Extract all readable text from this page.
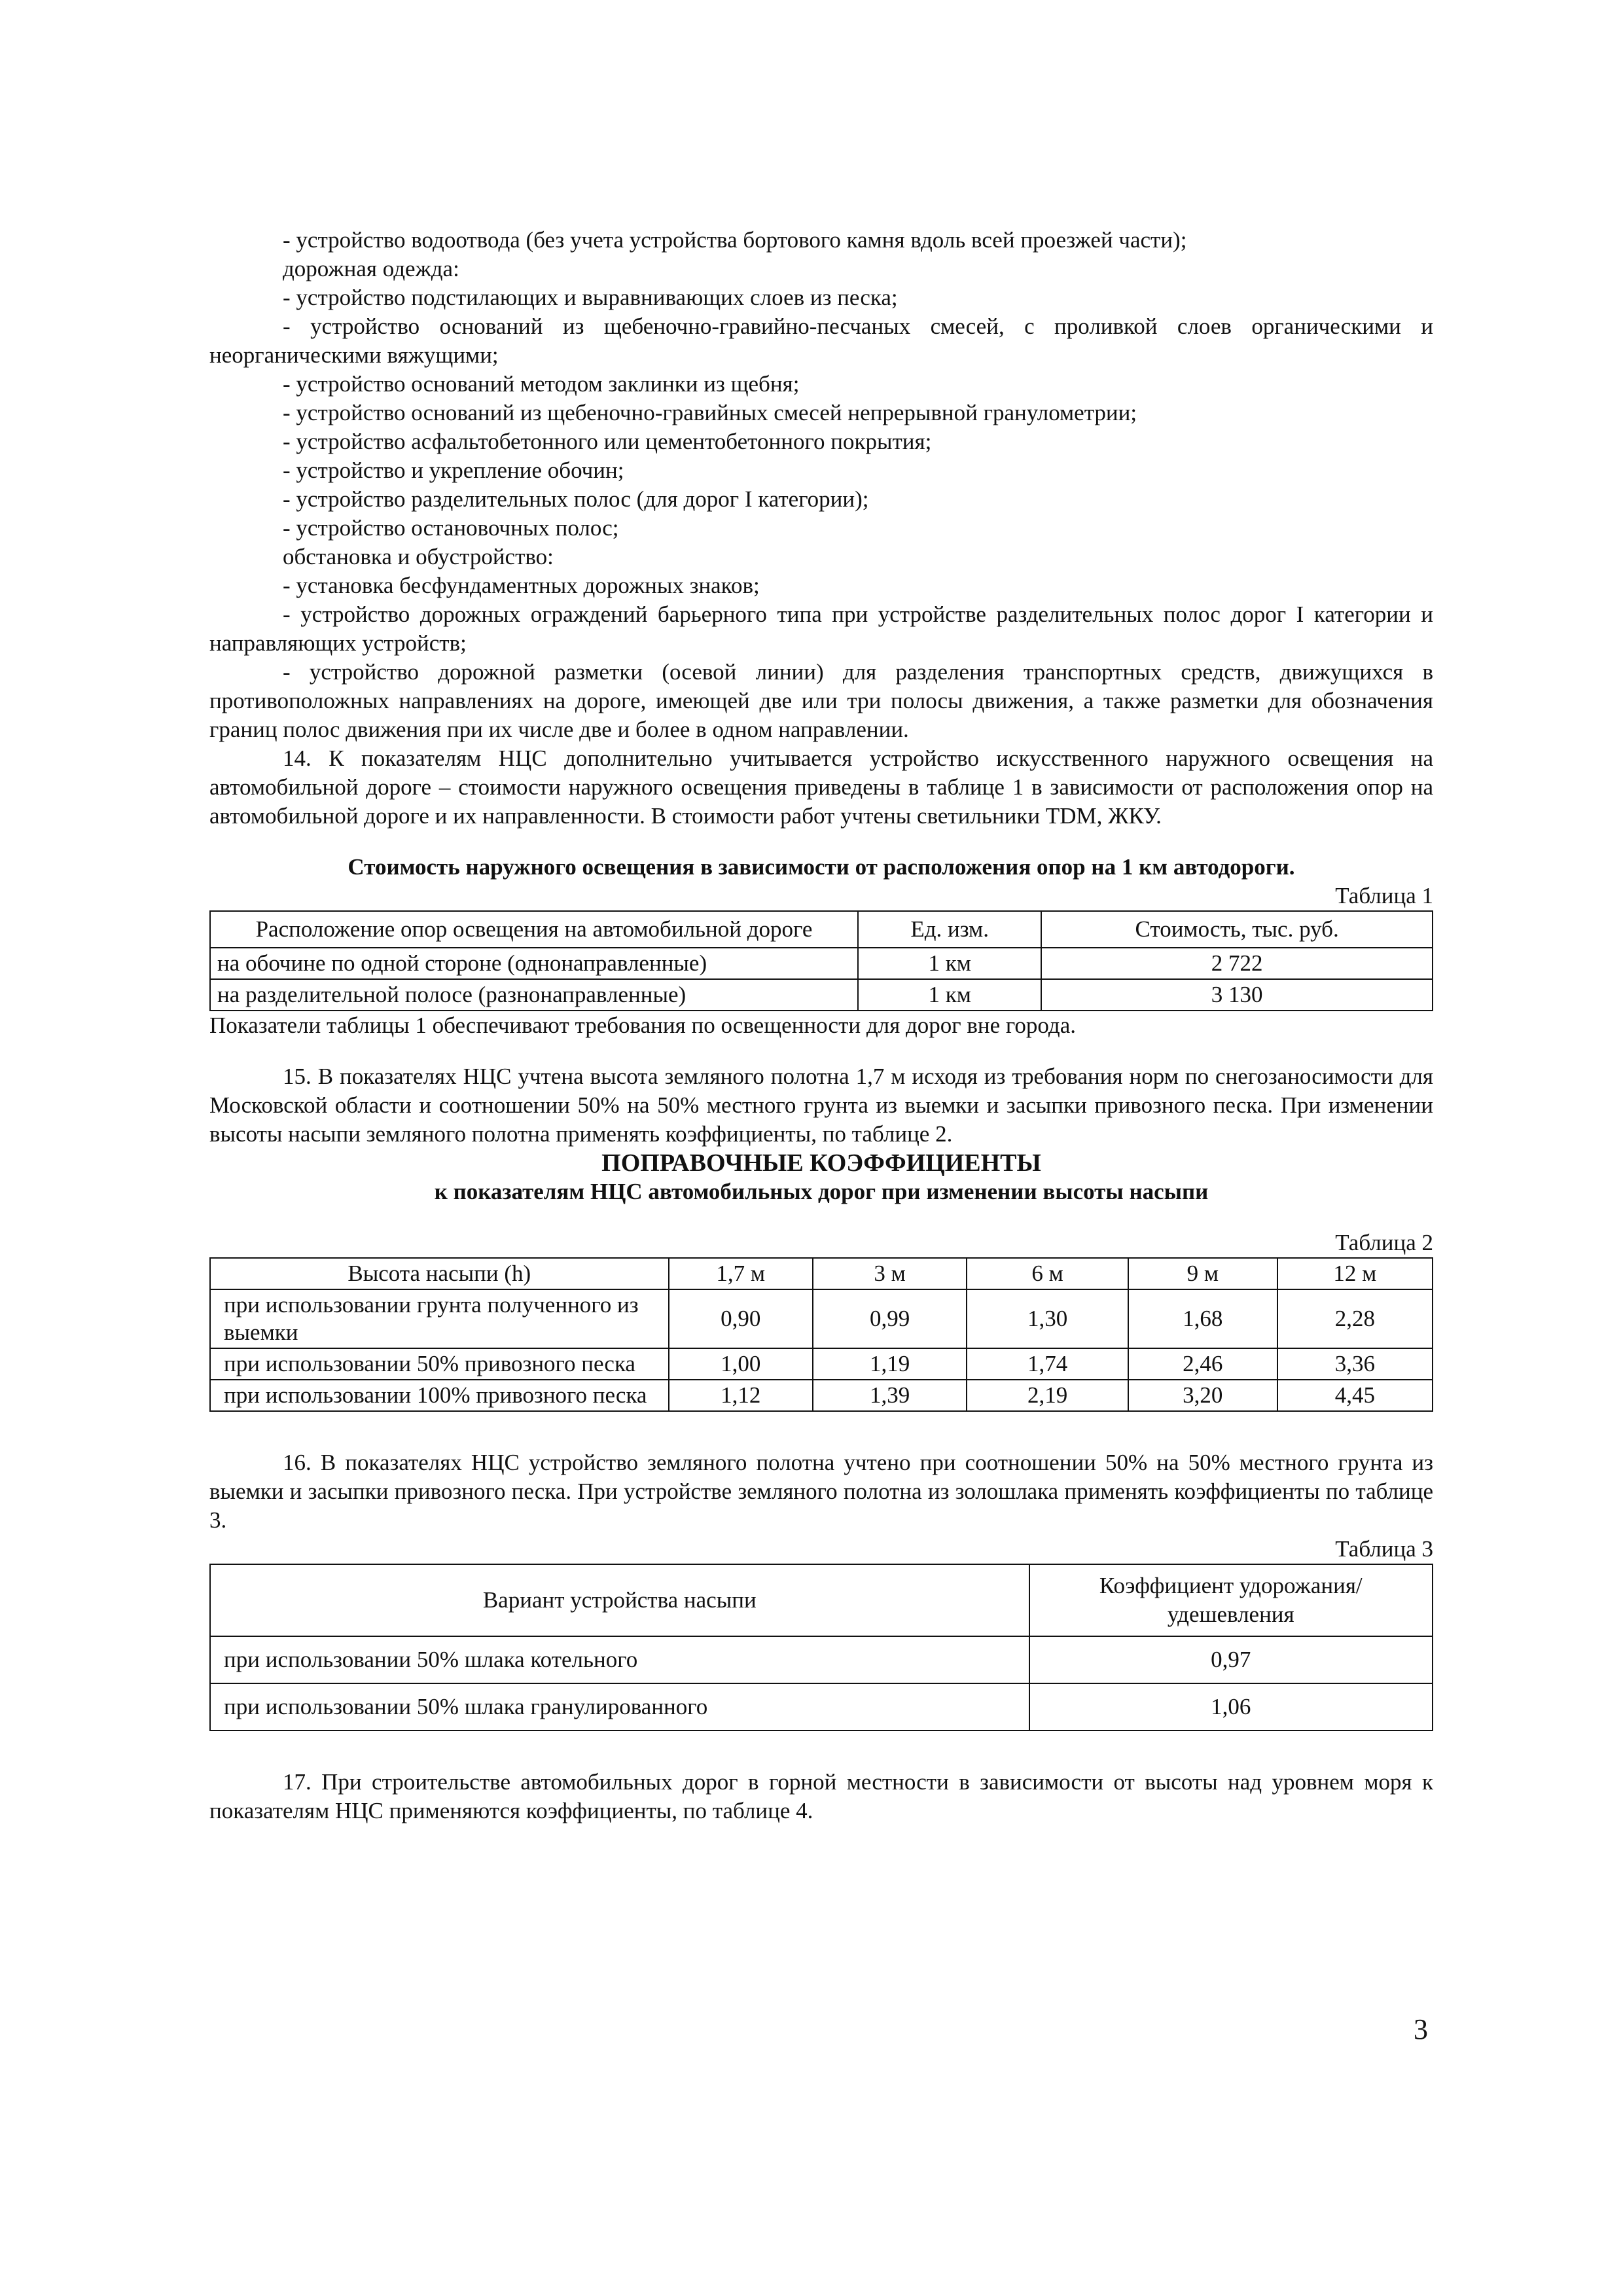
- устройство водоотвода (без учета устройства бортового камня вдоль всей проезжей части);

дорожная одежда:

- устройство подстилающих и выравнивающих слоев из песка;

- устройство оснований из щебеночно-гравийно-песчаных смесей, с проливкой слоев органическими и неорганическими вяжущими;

- устройство оснований методом заклинки из щебня;

- устройство оснований из щебеночно-гравийных смесей непрерывной гранулометрии;

- устройство асфальтобетонного или цементобетонного покрытия;

- устройство и укрепление обочин;

- устройство разделительных полос (для дорог I категории);

- устройство остановочных полос;

обстановка и обустройство:

- установка бесфундаментных дорожных знаков;

- устройство дорожных ограждений барьерного типа при устройстве разделительных полос дорог I категории и направляющих устройств;

- устройство дорожной разметки (осевой линии) для разделения транспортных средств, движущихся в противоположных направлениях на дороге, имеющей две или три полосы движения, а также разметки для обозначения границ полос движения при их числе две и более в одном направлении.

14. К показателям НЦС дополнительно учитывается устройство искусственного наружного освещения на автомобильной дороге – стоимости наружного освещения приведены в таблице 1 в зависимости от расположения опор на автомобильной дороге и их направленности. В стоимости работ учтены светильники TDM, ЖКУ.

Стоимость наружного освещения в зависимости от расположения опор на 1 км автодороги.

Таблица 1

Расположение опор освещения на автомобильной дороге	Ед. изм.	Стоимость, тыс. руб.
на обочине по одной стороне (однонаправленные)	1 км	2 722
на разделительной полосе (разнонаправленные)	1 км	3 130

Показатели таблицы 1 обеспечивают требования по освещенности для дорог вне города.

15. В показателях НЦС учтена высота земляного полотна 1,7 м исходя из требования норм по снегозаносимости для Московской области и соотношении 50% на 50% местного грунта из выемки и засыпки привозного песка. При изменении высоты насыпи земляного полотна применять коэффициенты, по таблице 2.

ПОПРАВОЧНЫЕ КОЭФФИЦИЕНТЫ

к показателям НЦС автомобильных дорог при изменении высоты насыпи

Таблица 2

Высота насыпи (h)	1,7 м	3 м	6 м	9 м	12 м
при использовании грунта полученного из выемки	0,90	0,99	1,30	1,68	2,28
при использовании 50% привозного песка	1,00	1,19	1,74	2,46	3,36
при использовании 100% привозного песка	1,12	1,39	2,19	3,20	4,45

16. В показателях НЦС устройство земляного полотна учтено при соотношении 50% на 50% местного грунта из выемки и засыпки привозного песка. При устройстве земляного полотна из золошлака применять коэффициенты по таблице 3.

Таблица 3

Вариант устройства насыпи	Коэффициент удорожания/удешевления
при использовании 50% шлака котельного	0,97
при использовании 50% шлака гранулированного	1,06

17. При строительстве автомобильных дорог в горной местности в зависимости от высоты над уровнем моря к показателям НЦС применяются коэффициенты, по таблице 4.

3
